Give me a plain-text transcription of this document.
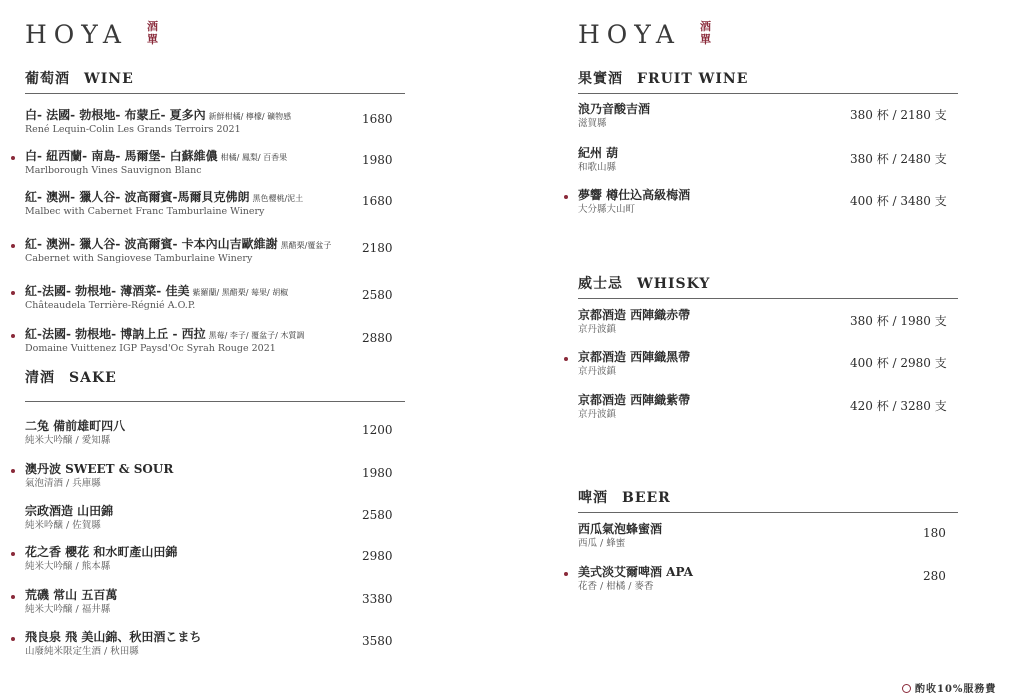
HOYA 酒
單
葡萄酒 WINE
白- 法國- 勃根地- 布蒙丘- 夏多內 新鮮柑橘/ 檸檬/ 礦物感
René Lequin-Colin Les Grands Terroirs 2021
1680
白- 紐西蘭- 南島- 馬爾堡- 白蘇維儂 柑橘/ 鳳梨/ 百香果
Marlborough Vines Sauvignon Blanc
1980
紅- 澳洲- 獵人谷- 波高爾賓-馬爾貝克佛朗 黑色櫻桃/泥土
Malbec with Cabernet Franc Tamburlaine Winery
1680
紅- 澳洲- 獵人谷- 波高爾賓- 卡本內山吉歐維謝 黑醋栗/覆盆子
Cabernet with Sangiovese Tamburlaine Winery
2180
紅-法國- 勃根地- 薄酒菜- 佳美 紫羅蘭/ 黑醋栗/ 莓果/ 胡椒
Châteaudela Terrière-Régnié A.O.P.
2580
紅-法國- 勃根地- 博訥上丘 - 西拉 黑莓/ 李子/ 覆盆子/ 木質調
Domaine Vuittenez IGP Paysd'Oc Syrah Rouge 2021
2880
清酒 SAKE
二兔 備前雄町四八
純米大吟醸 / 愛知縣
1200
澳丹波 SWEET & SOUR
氣泡清酒 / 兵庫縣
1980
宗政酒造 山田錦
純米吟醸 / 佐賀縣
2580
花之香 櫻花 和水町產山田錦
純米大吟醸 / 熊本縣
2980
荒磯 常山 五百萬
純米大吟醸 / 福井縣
3380
飛良泉 飛 美山錦、秋田酒こまち
山廢純米限定生酒 / 秋田縣
3580
HOYA 酒
單
果實酒 FRUIT WINE
浪乃音酸吉酒
滋賀縣
380 杯 / 2180 支
紀州 葫
和歌山縣
380 杯 / 2480 支
夢響 樽仕込高級梅酒
大分縣大山町
400 杯 / 3480 支
威士忌 WHISKY
京都酒造 西陣織赤帶
京丹波鎮
380 杯 / 1980 支
京都酒造 西陣織黑帶
京丹波鎮
400 杯 / 2980 支
京都酒造 西陣織紫帶
京丹波鎮
420 杯 / 3280 支
啤酒 BEER
西瓜氣泡蜂蜜酒
西瓜 / 蜂蜜
180
美式淡艾爾啤酒 APA
花香 / 柑橘 / 麥香
280
酌收10%服務費
